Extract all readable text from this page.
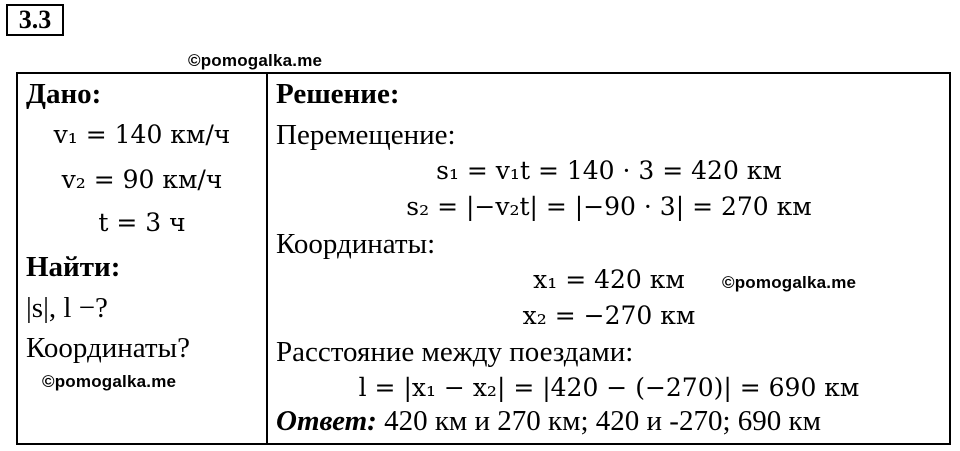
3.3
©pomogalka.me
Дано:
v₁ = 140 км/ч
v₂ = 90 км/ч
t = 3 ч
Найти:
|s|, l −?
Координаты?
©pomogalka.me
Решение:
Перемещение:
s₁ = v₁t = 140 · 3 = 420 км
s₂ = |−v₂t| = |−90 · 3| = 270 км
Координаты:
x₁ = 420 км	©pomogalka.me
x₂ = −270 км
Расстояние между поездами:
l = |x₁ − x₂| = |420 − (−270)| = 690 км
Ответ: 420 км и 270 км; 420 и -270; 690 км
